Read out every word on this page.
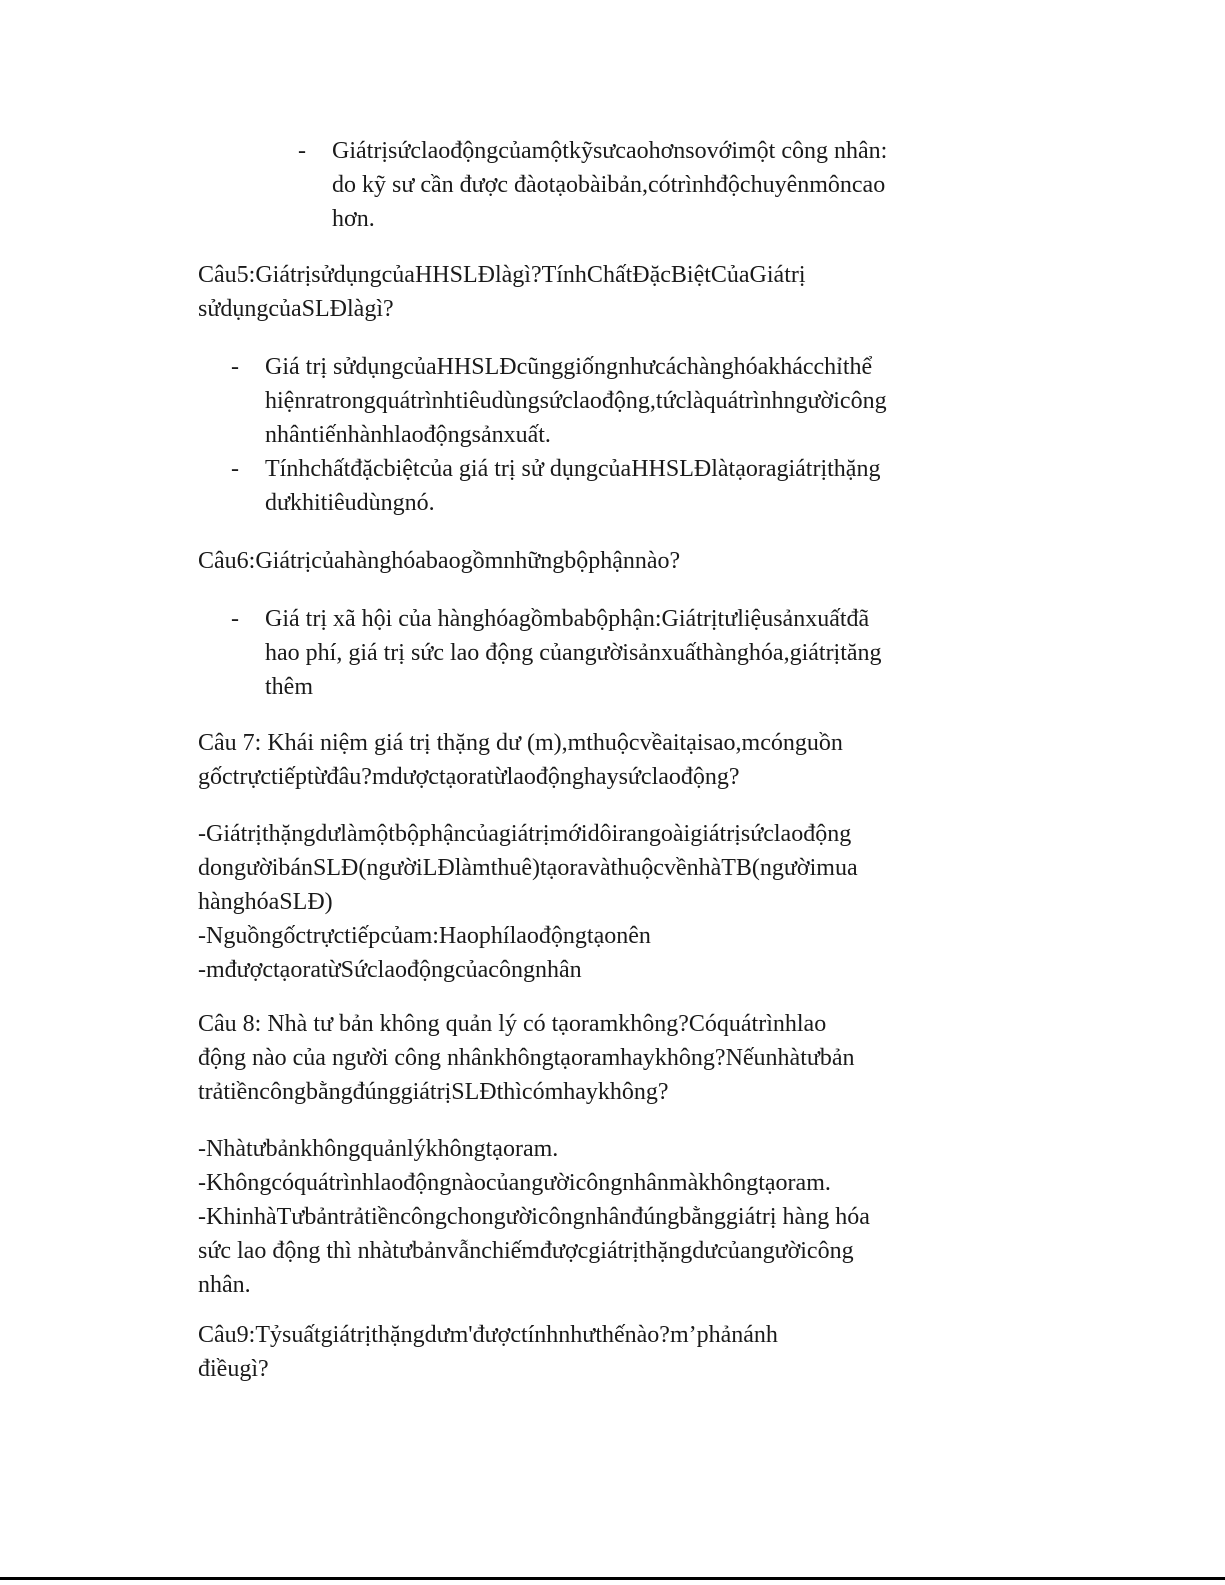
- Giátrịsứclaođộngcủamộtkỹsưcaohơnsovớimột công nhân:
do kỹ sư cần được đàotạobàibản,cótrìnhđộchuyênmôncao
hơn.
Câu5:GiátrịsửdụngcủaHHSLĐlàgì?TínhChấtĐặcBiệtCủaGiátrị
sửdụngcủaSLĐlàgì?
- Giá trị sửdụngcủaHHSLĐcũnggiốngnhưcáchànghóakhácchỉthể
hiệnratrongquátrìnhtiêudùngsứclaođộng,tứclàquátrìnhngườicông
nhântiếnhànhlaođộngsảnxuất.
- Tínhchấtđặcbiệtcủa giá trị sử dụngcủaHHSLĐlàtạoragiátrịthặng
dưkhitiêudùngnó.
Câu6:Giátrịcủahànghóabaogồmnhữngbộphậnnào?
- Giá trị xã hội của hànghóagồmbabộphận:Giátrịtưliệusảnxuấtđã
hao phí, giá trị sức lao động củangườisảnxuấthànghóa,giátrịtăng
thêm
Câu 7: Khái niệm giá trị thặng dư (m),mthuộcvềaitạisao,mcónguồn
gốctrựctiếptừđâu?mdượctạoratừlaođộnghaysứclaođộng?
-Giátrịthặngdưlàmộtbộphậncủagiátrịmớidôirangoàigiátrịsứclaođộng
dongườibánSLĐ(ngườiLĐlàmthuê)tạoravàthuộcvềnhàTB(ngườimua
hànghóaSLĐ)
-Nguồngốctrựctiếpcủam:Haophílaođộngtạonên
-mđượctạoratừSứclaođộngcủacôngnhân
Câu 8: Nhà tư bản không quản lý có tạoramkhông?Cóquátrìnhlao
động nào của người công nhânkhôngtạoramhaykhông?Nếunhàtưbản
trảtiềncôngbằngđúnggiátrịSLĐthìcómhaykhông?
-Nhàtưbảnkhôngquảnlýkhôngtạoram.
-Khôngcóquátrìnhlaođộngnàocủangườicôngnhânmàkhôngtạoram.
-KhinhàTưbảntrảtiềncôngchongườicôngnhânđúngbằnggiátrị hàng hóa
sức lao động thì nhàtưbảnvẫnchiếmđượcgiátrịthặngdưcủangườicông
nhân.
Câu9:Tỷsuấtgiátrịthặngdưm'đượctínhnhưthếnào?m’phảnánh
điềugì?
